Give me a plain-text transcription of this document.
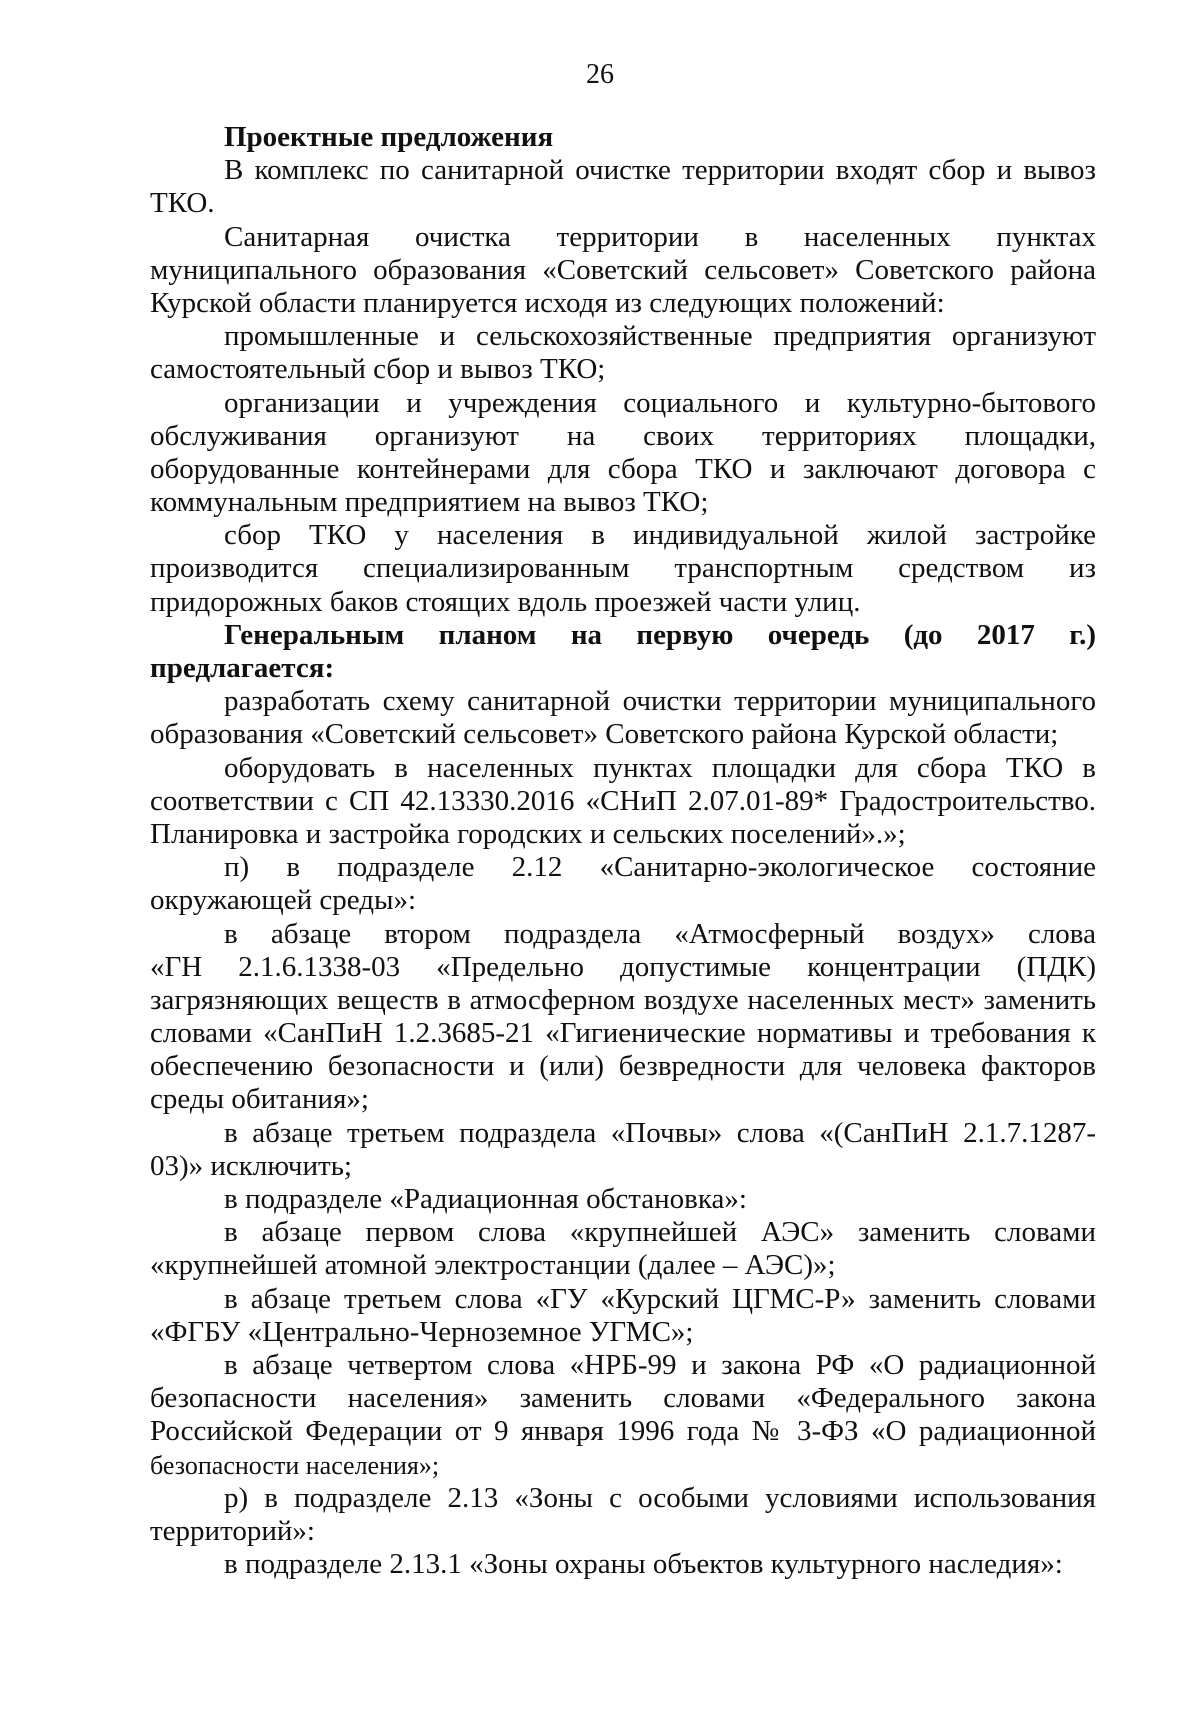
26
Проектные предложения
В комплекс по санитарной очистке территории входят сбор и вывоз
ТКО.
Санитарная очистка территории в населенных пунктах
муниципального образования «Советский сельсовет» Советского района
Курской области планируется исходя из следующих положений:
промышленные и сельскохозяйственные предприятия организуют
самостоятельный сбор и вывоз ТКО;
организации и учреждения социального и культурно-бытового
обслуживания организуют на своих территориях площадки,
оборудованные контейнерами для сбора ТКО и заключают договора с
коммунальным предприятием на вывоз ТКО;
сбор ТКО у населения в индивидуальной жилой застройке
производится специализированным транспортным средством из
придорожных баков стоящих вдоль проезжей части улиц.
Генеральным планом на первую очередь (до 2017 г.)
предлагается:
разработать схему санитарной очистки территории муниципального
образования «Советский сельсовет» Советского района Курской области;
оборудовать в населенных пунктах площадки для сбора ТКО в
соответствии с СП 42.13330.2016 «СНиП 2.07.01-89* Градостроительство.
Планировка и застройка городских и сельских поселений».»;
п) в подразделе 2.12 «Санитарно-экологическое состояние
окружающей среды»:
в абзаце втором подраздела «Атмосферный воздух» слова
«ГН 2.1.6.1338-03 «Предельно допустимые концентрации (ПДК)
загрязняющих веществ в атмосферном воздухе населенных мест» заменить
словами «СанПиН 1.2.3685-21 «Гигиенические нормативы и требования к
обеспечению безопасности и (или) безвредности для человека факторов
среды обитания»;
в абзаце третьем подраздела «Почвы» слова «(СанПиН 2.1.7.1287-
03)» исключить;
в подразделе «Радиационная обстановка»:
в абзаце первом слова «крупнейшей АЭС» заменить словами
«крупнейшей атомной электростанции (далее – АЭС)»;
в абзаце третьем слова «ГУ «Курский ЦГМС-Р» заменить словами
«ФГБУ «Центрально-Черноземное УГМС»;
в абзаце четвертом слова «НРБ-99 и закона РФ «О радиационной
безопасности населения» заменить словами «Федерального закона
Российской Федерации от 9 января 1996 года № 3-ФЗ «О радиационной
безопасности населения»;
р) в подразделе 2.13 «Зоны с особыми условиями использования
территорий»:
в подразделе 2.13.1 «Зоны охраны объектов культурного наследия»:
